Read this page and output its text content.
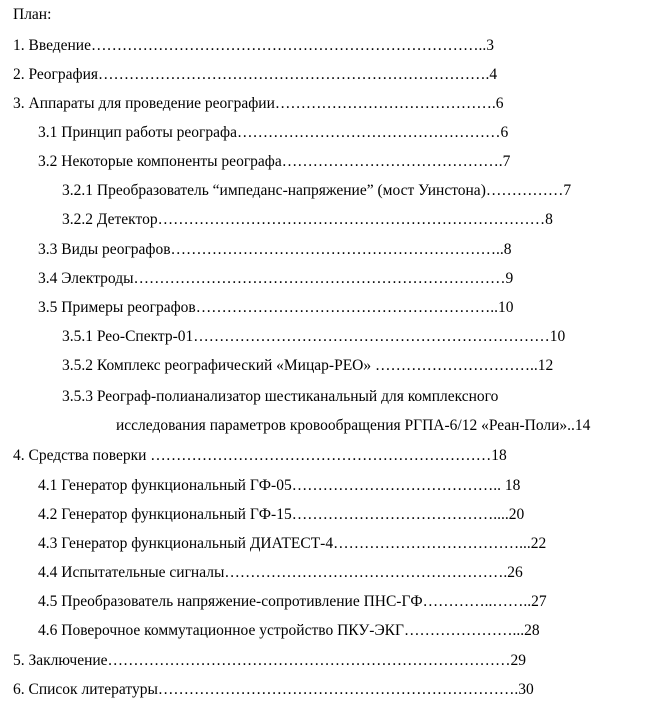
План:
1. Введение…………………………………………………………………..3
2. Реография………………………………………………………………….4
3. Аппараты для проведение реографии…………………………………….6
3.1 Принцип работы реографа……………………………………………6
3.2 Некоторые компоненты реографа…………………………………….7
3.2.1 Преобразователь “импеданс-напряжение” (мост Уинстона)……………7
3.2.2 Детектор…………………………………………………………………8
3.3 Виды реографов………………………………………………………..8
3.4 Электроды………………………………………………………………9
3.5 Примеры реографов…………………………………………………..10
3.5.1 Рео-Спектр-01……………………………………………………………10
3.5.2 Комплекс реографический «Мицар-РЕО» …………………………..12
3.5.3 Реограф-полианализатор шестиканальный для комплексного
исследования параметров кровообращения РГПА-6/12 «Реан-Поли»..14
4. Средства поверки …………………………………………………………18
4.1 Генератор функциональный ГФ-05………………………………….. 18
4.2 Генератор функциональный ГФ-15…………………………………....20
4.3 Генератор функциональный ДИАТЕСТ-4………………………………...22
4.4 Испытательные сигналы……………………………………………….26
4.5 Преобразователь напряжение-сопротивление ПНС-ГФ…………..……..27
4.6 Поверочное коммутационное устройство ПКУ-ЭКГ…………………...28
5. Заключение……………………………………………………………………29
6. Список литературы…………………………………………………………….30
